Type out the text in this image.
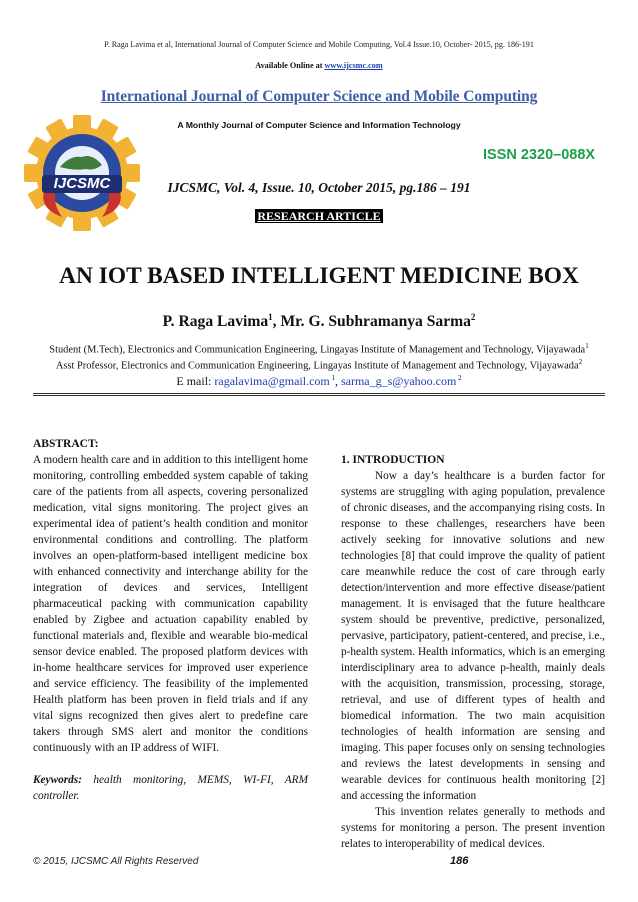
P. Raga Lavima et al, International Journal of Computer Science and Mobile Computing, Vol.4 Issue.10, October- 2015, pg. 186-191
Available Online at www.ijcsmc.com
International Journal of Computer Science and Mobile Computing
IJCSMC
A Monthly Journal of Computer Science and Information Technology
ISSN 2320–088X
IJCSMC, Vol. 4, Issue. 10, October 2015, pg.186 – 191
RESEARCH ARTICLE
AN IOT BASED INTELLIGENT MEDICINE BOX
P. Raga Lavima$^1$, Mr. G. Subhramanya Sarma$^2$
Student (M.Tech), Electronics and Communication Engineering, Lingayas Institute of Management and Technology, Vijayawada$^1$
Asst Professor, Electronics and Communication Engineering, Lingayas Institute of Management and Technology, Vijayawada$^2$
E mail: ragalavima@gmail.com $^1$, sarma_g_s@yahoo.com $^2$

ABSTRACT:

A modern health care and in addition to this intelligent home monitoring, controlling embedded system capable of taking care of the patients from all aspects, covering personalized medication, vital signs monitoring. The project gives an experimental idea of patient’s health condition and monitor environmental conditions and controlling. The platform involves an open-platform-based intelligent medicine box with enhanced connectivity and interchange ability for the integration of devices and services, Intelligent pharmaceutical packing with communication capability enabled by Zigbee and actuation capability enabled by functional materials and, flexible and wearable bio-medical sensor device enabled. The proposed platform devices with in-home healthcare services for improved user experience and service efficiency. The feasibility of the implemented Health platform has been proven in field trials and if any vital signs recognized then gives alert to predefine care takers through SMS alert and monitor the conditions continuously with an IP address of WIFI.

Keywords: health monitoring, MEMS, WI-FI, ARM controller.

1. INTRODUCTION

Now a day’s healthcare is a burden factor for systems are struggling with aging population, prevalence of chronic diseases, and the accompanying rising costs. In response to these challenges, researchers have been actively seeking for innovative solutions and new technologies [8] that could improve the quality of patient care meanwhile reduce the cost of care through early detection/intervention and more effective disease/patient management. It is envisaged that the future healthcare system should be preventive, predictive, personalized, pervasive, participatory, patient-centered, and precise, i.e., p-health system. Health informatics, which is an emerging interdisciplinary area to advance p-health, mainly deals with the acquisition, transmission, processing, storage, retrieval, and use of different types of health and biomedical information. The two main acquisition technologies of health information are sensing and imaging. This paper focuses only on sensing technologies and reviews the latest developments in sensing and wearable devices for continuous health monitoring [2] and accessing the information

This invention relates generally to methods and systems for monitoring a person. The present invention relates to interoperability of medical devices.

© 2015, IJCSMC All Rights Reserved	186
